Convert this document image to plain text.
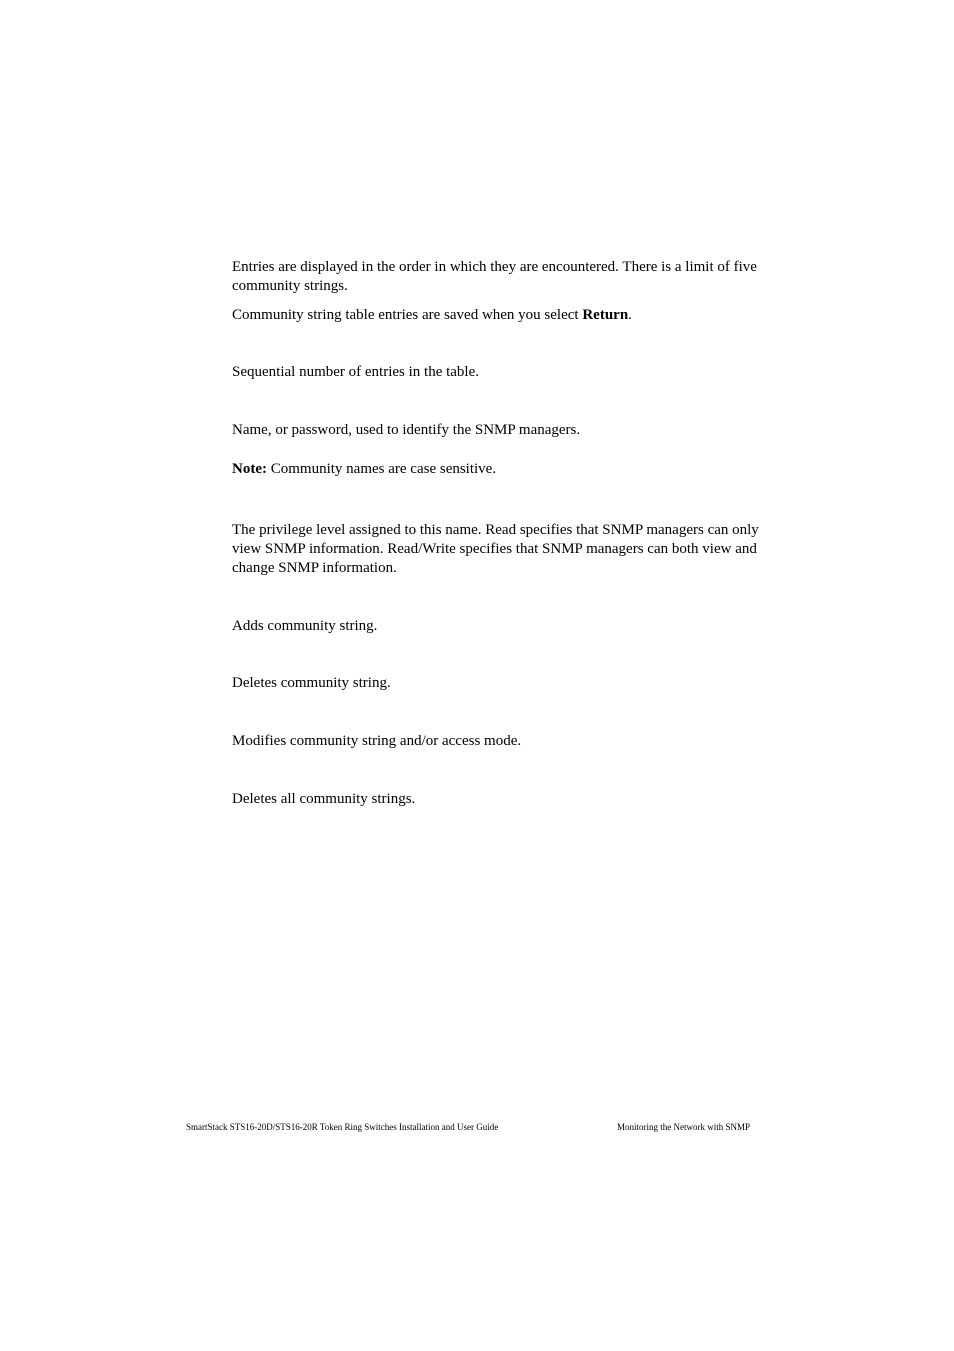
Entries are displayed in the order in which they are encountered. There is a limit of five community strings.

Community string table entries are saved when you select Return.

Sequential number of entries in the table.

Name, or password, used to identify the SNMP managers.

Note: Community names are case sensitive.

The privilege level assigned to this name. Read specifies that SNMP managers can only view SNMP information. Read/Write specifies that SNMP managers can both view and change SNMP information.

Adds community string.

Deletes community string.

Modifies community string and/or access mode.

Deletes all community strings.

SmartStack STS16-20D/STS16-20R Token Ring Switches Installation and User Guide	Monitoring the Network with SNMP
